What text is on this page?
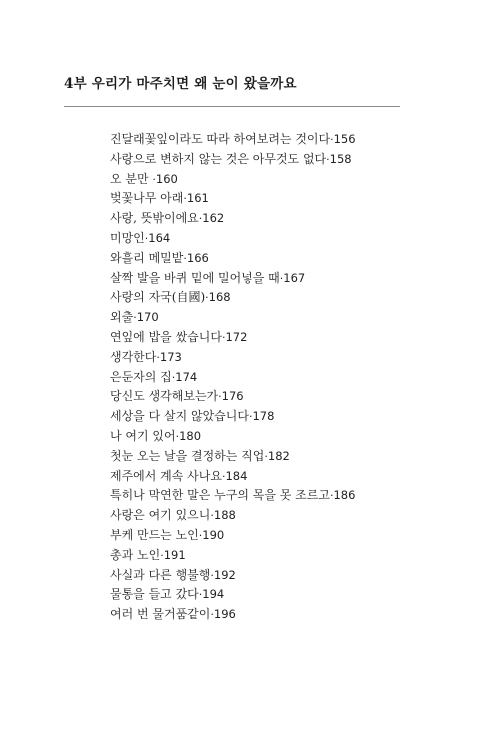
4부 우리가 마주치면 왜 눈이 왔을까요
진달래꽃잎이라도 따라 하여보려는 것이다·156
사랑으로 변하지 않는 것은 아무것도 없다·158
오 분만 ·160
벚꽃나무 아래·161
사랑, 뜻밖이에요·162
미망인·164
와흘리 메밀밭·166
살짝 발을 바퀴 밑에 밀어넣을 때·167
사랑의 자국(自國)·168
외출·170
연잎에 밥을 쌌습니다·172
생각한다·173
은둔자의 집·174
당신도 생각해보는가·176
세상을 다 살지 않았습니다·178
나 여기 있어·180
첫눈 오는 날을 결정하는 직업·182
제주에서 계속 사나요·184
특히나 막연한 말은 누구의 목을 못 조르고·186
사랑은 여기 있으니·188
부케 만드는 노인·190
총과 노인·191
사실과 다른 행불행·192
물통을 들고 갔다·194
여러 번 물거품같이·196
